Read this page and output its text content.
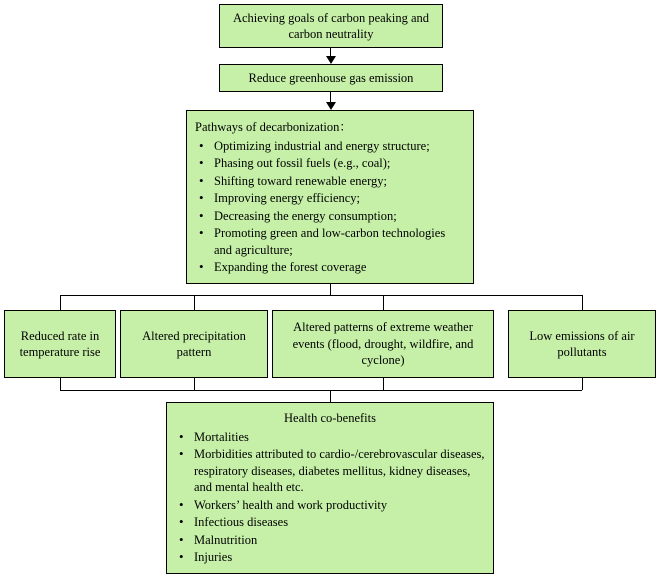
Achieving goals of carbon peaking and carbon neutrality
Reduce greenhouse gas emission
Pathways of decarbonization：
• Optimizing industrial and energy structure;
• Phasing out fossil fuels (e.g., coal);
• Shifting toward renewable energy;
• Improving energy efficiency;
• Decreasing the energy consumption;
• Promoting green and low-carbon technologies and agriculture;
• Expanding the forest coverage
Reduced rate in temperature rise
Altered precipitation pattern
Altered patterns of extreme weather events (flood, drought, wildfire, and cyclone)
Low emissions of air pollutants
Health co-benefits
• Mortalities
• Morbidities attributed to cardio-/cerebrovascular diseases, respiratory diseases, diabetes mellitus, kidney diseases, and mental health etc.
• Workers’ health and work productivity
• Infectious diseases
• Malnutrition
• Injuries
